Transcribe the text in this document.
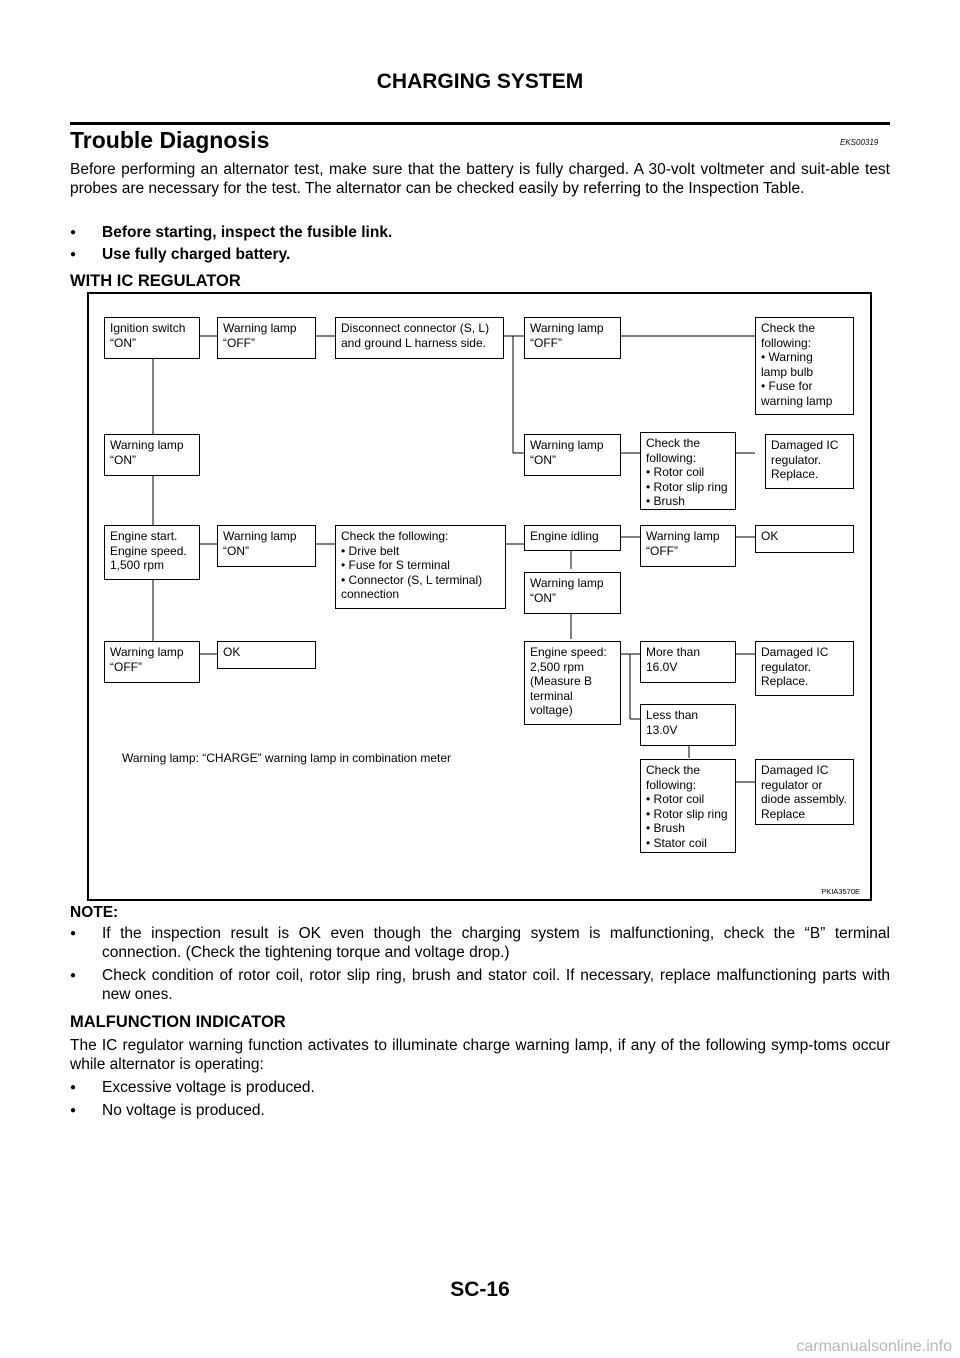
CHARGING SYSTEM
Trouble Diagnosis	EKS00319
Before performing an alternator test, make sure that the battery is fully charged. A 30-volt voltmeter and suit-able test probes are necessary for the test. The alternator can be checked easily by referring to the Inspection Table.
●	Before starting, inspect the fusible link.
●	Use fully charged battery.
WITH IC REGULATOR
Ignition switch
“ON”
Warning lamp
“OFF”
Disconnect connector (S, L)
and ground L harness side.
Warning lamp
“OFF”
Check the
following:
• Warning
lamp bulb
• Fuse for
warning lamp
Warning lamp
“ON”
Warning lamp
“ON”
Check the
following:
• Rotor coil
• Rotor slip ring
• Brush
Damaged IC
regulator.
Replace.
Engine start.
Engine speed.
1,500 rpm
Warning lamp
“ON”
Check the following:
• Drive belt
• Fuse for S terminal
• Connector (S, L terminal)
connection
Engine idling	Warning lamp
“OFF”
OK
Warning lamp
“ON”
Warning lamp
“OFF”
OK	Engine speed:
2,500 rpm
(Measure B
terminal
voltage)
More than
16.0V
Damaged IC
regulator.
Replace.
Less than
13.0V
Warning lamp: “CHARGE” warning lamp in combination meter
Check the
following:
• Rotor coil
• Rotor slip ring
• Brush
• Stator coil
Damaged IC
regulator or
diode assembly.
Replace
PKIA3570E
NOTE:
●	If the inspection result is OK even though the charging system is malfunctioning, check the “B” terminal connection. (Check the tightening torque and voltage drop.)
●	Check condition of rotor coil, rotor slip ring, brush and stator coil. If necessary, replace malfunctioning parts with new ones.
MALFUNCTION INDICATOR
The IC regulator warning function activates to illuminate charge warning lamp, if any of the following symp-toms occur while alternator is operating:
●	Excessive voltage is produced.
●	No voltage is produced.
SC-16
carmanualsonline.info
